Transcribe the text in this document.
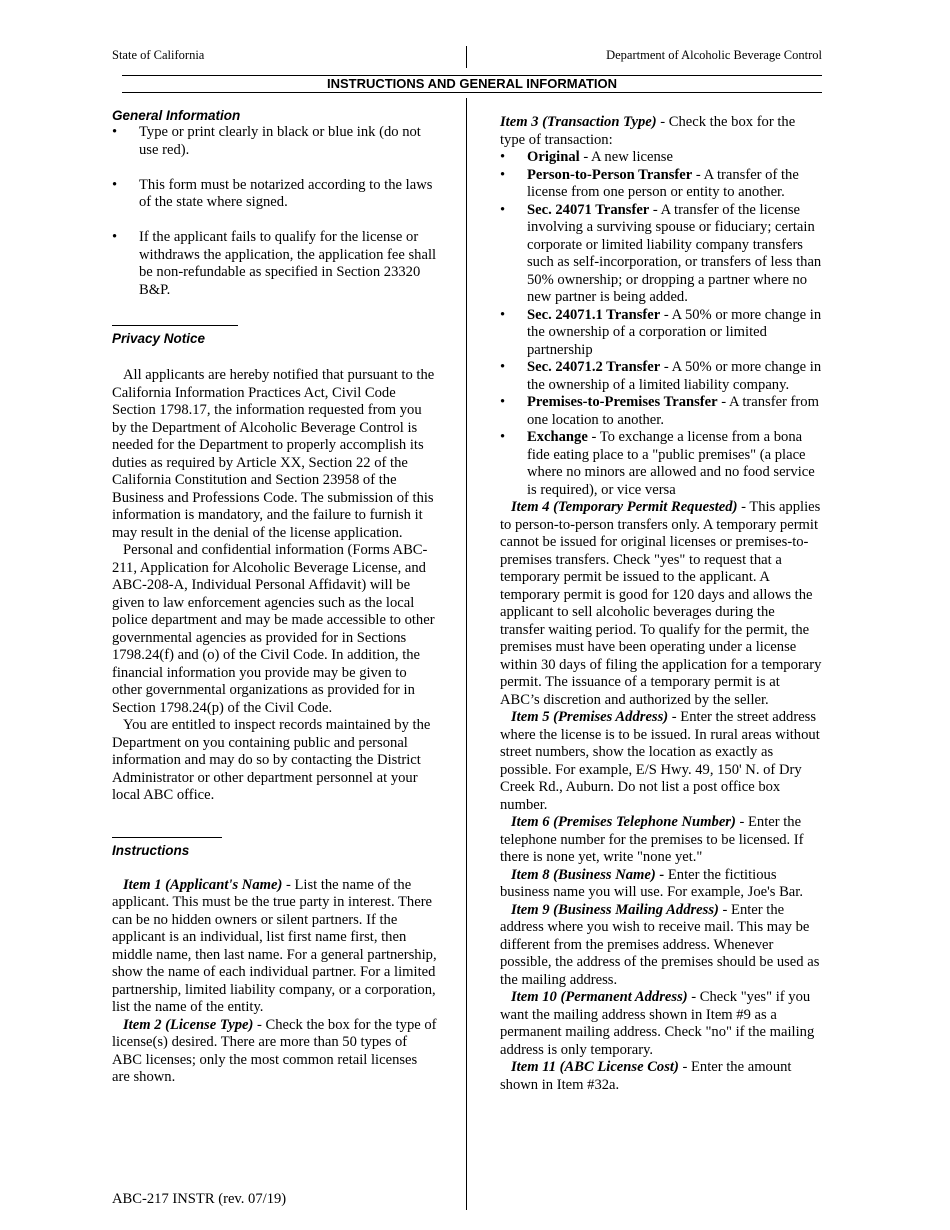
State of California	Department of Alcoholic Beverage Control
INSTRUCTIONS AND GENERAL INFORMATION
General Information
• Type or print clearly in black or blue ink (do not use red).
• This form must be notarized according to the laws of the state where signed.
• If the applicant fails to qualify for the license or withdraws the application, the application fee shall be non-refundable as specified in Section 23320 B&P.
Privacy Notice

All applicants are hereby notified that pursuant to the California Information Practices Act, Civil Code Section 1798.17, the information requested from you by the Department of Alcoholic Beverage Control is needed for the Department to properly accomplish its duties as required by Article XX, Section 22 of the California Constitution and Section 23958 of the Business and Professions Code. The submission of this information is mandatory, and the failure to furnish it may result in the denial of the license application.

Personal and confidential information (Forms ABC-211, Application for Alcoholic Beverage License, and ABC-208-A, Individual Personal Affidavit) will be given to law enforcement agencies such as the local police department and may be made accessible to other governmental agencies as provided for in Sections 1798.24(f) and (o) of the Civil Code. In addition, the financial information you provide may be given to other governmental organizations as provided for in Section 1798.24(p) of the Civil Code.

You are entitled to inspect records maintained by the Department on you containing public and personal information and may do so by contacting the District Administrator or other department personnel at your local ABC office.

Instructions

Item 1 (Applicant's Name) - List the name of the applicant. This must be the true party in interest. There can be no hidden owners or silent partners. If the applicant is an individual, list first name first, then middle name, then last name. For a general partnership, show the name of each individual partner. For a limited partnership, limited liability company, or a corporation, list the name of the entity.

Item 2 (License Type) - Check the box for the type of license(s) desired. There are more than 50 types of ABC licenses; only the most common retail licenses are shown.

Item 3 (Transaction Type) - Check the box for the type of transaction:

• Original - A new license
• Person-to-Person Transfer - A transfer of the license from one person or entity to another.
• Sec. 24071 Transfer - A transfer of the license involving a surviving spouse or fiduciary; certain corporate or limited liability company transfers such as self-incorporation, or transfers of less than 50% ownership; or dropping a partner where no new partner is being added.
• Sec. 24071.1 Transfer - A 50% or more change in the ownership of a corporation or limited partnership
• Sec. 24071.2 Transfer - A 50% or more change in the ownership of a limited liability company.
• Premises-to-Premises Transfer - A transfer from one location to another.
• Exchange - To exchange a license from a bona fide eating place to a "public premises" (a place where no minors are allowed and no food service is required), or vice versa

Item 4 (Temporary Permit Requested) - This applies to person-to-person transfers only. A temporary permit cannot be issued for original licenses or premises-to-premises transfers. Check "yes" to request that a temporary permit be issued to the applicant. A temporary permit is good for 120 days and allows the applicant to sell alcoholic beverages during the transfer waiting period. To qualify for the permit, the premises must have been operating under a license within 30 days of filing the application for a temporary permit. The issuance of a temporary permit is at ABC’s discretion and authorized by the seller.

Item 5 (Premises Address) - Enter the street address where the license is to be issued. In rural areas without street numbers, show the location as exactly as possible. For example, E/S Hwy. 49, 150' N. of Dry Creek Rd., Auburn. Do not list a post office box number.

Item 6 (Premises Telephone Number) - Enter the telephone number for the premises to be licensed. If there is none yet, write "none yet."

Item 8 (Business Name) - Enter the fictitious business name you will use. For example, Joe's Bar.

Item 9 (Business Mailing Address) - Enter the address where you wish to receive mail. This may be different from the premises address. Whenever possible, the address of the premises should be used as the mailing address.

Item 10 (Permanent Address) - Check "yes" if you want the mailing address shown in Item #9 as a permanent mailing address. Check "no" if the mailing address is only temporary.

Item 11 (ABC License Cost) - Enter the amount shown in Item #32a.

ABC-217 INSTR (rev. 07/19)
